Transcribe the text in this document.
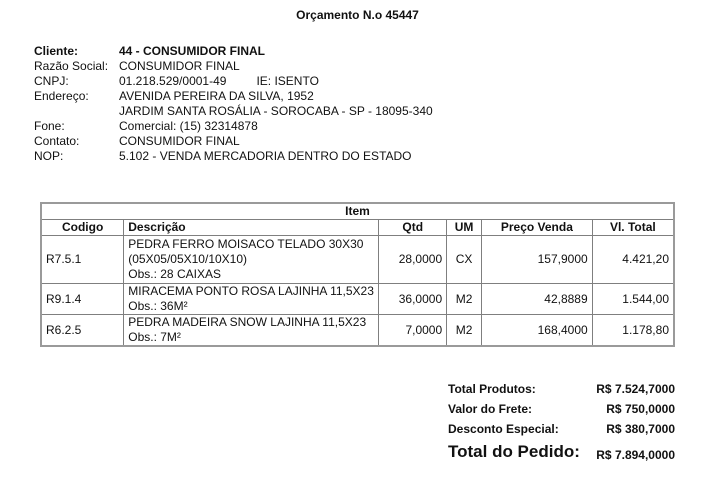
Orçamento N.o 45447
Cliente:	44 - CONSUMIDOR FINAL
Razão Social:	CONSUMIDOR FINAL
CNPJ:	01.218.529/0001-49 IE: ISENTO
Endereço:	AVENIDA PEREIRA DA SILVA, 1952
	JARDIM SANTA ROSÁLIA - SOROCABA - SP - 18095-340
Fone:	Comercial: (15) 32314878
Contato:	CONSUMIDOR FINAL
NOP:	5.102 - VENDA MERCADORIA DENTRO DO ESTADO
Item					
Codigo	Descrição	Qtd	UM	Preço Venda	Vl. Total
R7.5.1	PEDRA FERRO MOISACO TELADO 30X30
(05X05/05X10/10X10)
Obs.: 28 CAIXAS	28,0000	CX	157,9000	4.421,20
R9.1.4	MIRACEMA PONTO ROSA LAJINHA 11,5X23
Obs.: 36M²	36,0000	M2	42,8889	1.544,00
R6.2.5	PEDRA MADEIRA SNOW LAJINHA 11,5X23
Obs.: 7M²	7,0000	M2	168,4000	1.178,80
Total Produtos:	R$ 7.524,7000
Valor do Frete:	R$ 750,0000
Desconto Especial:	R$ 380,7000
Total do Pedido:	R$ 7.894,0000
